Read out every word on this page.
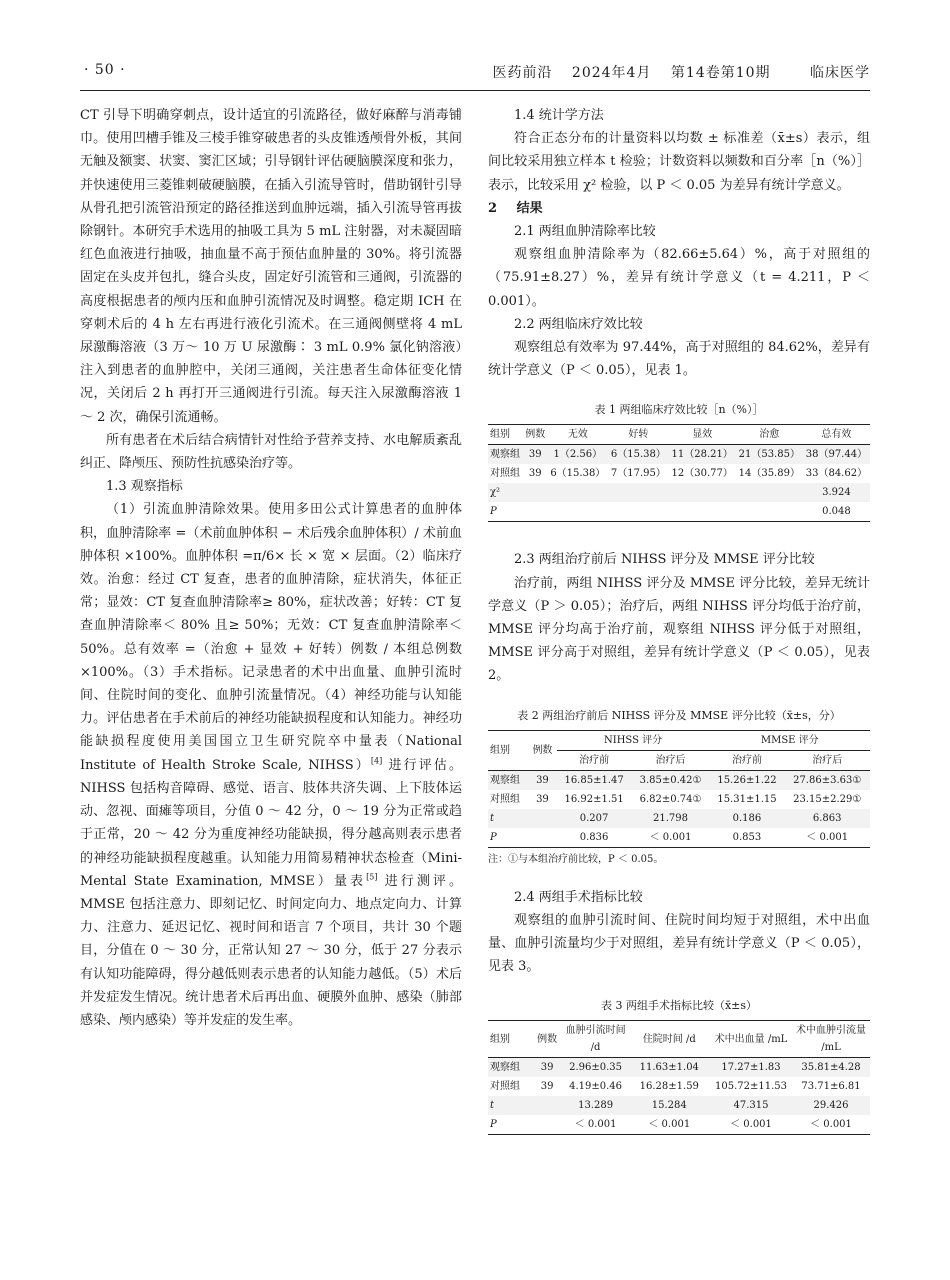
· 50 ·	医药前沿 2024年4月 第14卷第10期	临床医学

CT 引导下明确穿刺点，设计适宜的引流路径，做好麻醉与消毒铺巾。使用凹槽手锥及三棱手锥穿破患者的头皮锥透颅骨外板，其间无触及额窦、状窦、窦汇区域；引导钢针评估硬脑膜深度和张力，并快速使用三菱锥刺破硬脑膜，在插入引流导管时，借助钢针引导从骨孔把引流管沿预定的路径推送到血肿远端，插入引流导管再拔除钢针。本研究手术选用的抽吸工具为 5 mL 注射器，对未凝固暗红色血液进行抽吸，抽血量不高于预估血肿量的 30%。将引流器固定在头皮并包扎，缝合头皮，固定好引流管和三通阀，引流器的高度根据患者的颅内压和血肿引流情况及时调整。稳定期 ICH 在穿刺术后的 4 h 左右再进行液化引流术。在三通阀侧壁将 4 mL 尿激酶溶液（3 万～ 10 万 U 尿激酶∶ 3 mL 0.9% 氯化钠溶液）注入到患者的血肿腔中，关闭三通阀，关注患者生命体征变化情况，关闭后 2 h 再打开三通阀进行引流。每天注入尿激酶溶液 1 ～ 2 次，确保引流通畅。

所有患者在术后结合病情针对性给予营养支持、水电解质紊乱纠正、降颅压、预防性抗感染治疗等。

1.3 观察指标

（1）引流血肿清除效果。使用多田公式计算患者的血肿体积，血肿清除率 =（术前血肿体积 − 术后残余血肿体积）/ 术前血肿体积 ×100%。血肿体积 =π/6× 长 × 宽 × 层面。（2）临床疗效。治愈：经过 CT 复查，患者的血肿清除，症状消失，体征正常；显效：CT 复查血肿清除率≥ 80%，症状改善；好转：CT 复查血肿清除率＜ 80% 且≥ 50%；无效：CT 复查血肿清除率＜ 50%。总有效率 =（治愈 + 显效 + 好转）例数 / 本组总例数 ×100%。（3）手术指标。记录患者的术中出血量、血肿引流时间、住院时间的变化、血肿引流量情况。（4）神经功能与认知能力。评估患者在手术前后的神经功能缺损程度和认知能力。神经功能缺损程度使用美国国立卫生研究院卒中量表（National Institute of Health Stroke Scale, NIHSS）[4] 进行评估。NIHSS 包括构音障碍、感觉、语言、肢体共济失调、上下肢体运动、忽视、面瘫等项目，分值 0 ～ 42 分，0 ～ 19 分为正常或趋于正常，20 ～ 42 分为重度神经功能缺损，得分越高则表示患者的神经功能缺损程度越重。认知能力用简易精神状态检查（Mini-Mental State Examination, MMSE）量表[5] 进行测评。MMSE 包括注意力、即刻记忆、时间定向力、地点定向力、计算力、注意力、延迟记忆、视时间和语言 7 个项目，共计 30 个题目，分值在 0 ～ 30 分，正常认知 27 ～ 30 分，低于 27 分表示有认知功能障碍，得分越低则表示患者的认知能力越低。（5）术后并发症发生情况。统计患者术后再出血、硬膜外血肿、感染（肺部感染、颅内感染）等并发症的发生率。

1.4 统计学方法

符合正态分布的计量资料以均数 ± 标准差（x̄±s）表示，组间比较采用独立样本 t 检验；计数资料以频数和百分率［n（%）］表示，比较采用 χ² 检验，以 P ＜ 0.05 为差异有统计学意义。

2 结果
2.1 两组血肿清除率比较

观察组血肿清除率为（82.66±5.64）%，高于对照组的（75.91±8.27）%，差异有统计学意义（t = 4.211，P ＜ 0.001）。

2.2 两组临床疗效比较

观察组总有效率为 97.44%，高于对照组的 84.62%，差异有统计学意义（P ＜ 0.05），见表 1。

表 1 两组临床疗效比较［n（%）］
组别	例数	无效	好转	显效	治愈	总有效
观察组	39	1（2.56）	6（15.38）	11（28.21）	21（53.85）	38（97.44）
对照组	39	6（15.38）	7（17.95）	12（30.77）	14（35.89）	33（84.62）
χ²						3.924
P						0.048
2.3 两组治疗前后 NIHSS 评分及 MMSE 评分比较

治疗前，两组 NIHSS 评分及 MMSE 评分比较，差异无统计学意义（P ＞ 0.05）；治疗后，两组 NIHSS 评分均低于治疗前，MMSE 评分均高于治疗前，观察组 NIHSS 评分低于对照组，MMSE 评分高于对照组，差异有统计学意义（P ＜ 0.05），见表 2。

表 2 两组治疗前后 NIHSS 评分及 MMSE 评分比较（x̄±s，分）
组别	例数	NIHSS 评分		MMSE 评分	
		治疗前	治疗后	治疗前	治疗后
观察组	39	16.85±1.47	3.85±0.42①	15.26±1.22	27.86±3.63①
对照组	39	16.92±1.51	6.82±0.74①	15.31±1.15	23.15±2.29①
t		0.207	21.798	0.186	6.863
P		0.836	＜ 0.001	0.853	＜ 0.001
注：①与本组治疗前比较，P ＜ 0.05。
2.4 两组手术指标比较

观察组的血肿引流时间、住院时间均短于对照组，术中出血量、血肿引流量均少于对照组，差异有统计学意义（P ＜ 0.05），见表 3。

表 3 两组手术指标比较（x̄±s）
组别	例数	血肿引流时间 /d	住院时间 /d	术中出血量 /mL	术中血肿引流量 /mL
观察组	39	2.96±0.35	11.63±1.04	17.27±1.83	35.81±4.28
对照组	39	4.19±0.46	16.28±1.59	105.72±11.53	73.71±6.81
t		13.289	15.284	47.315	29.426
P		＜ 0.001	＜ 0.001	＜ 0.001	＜ 0.001
